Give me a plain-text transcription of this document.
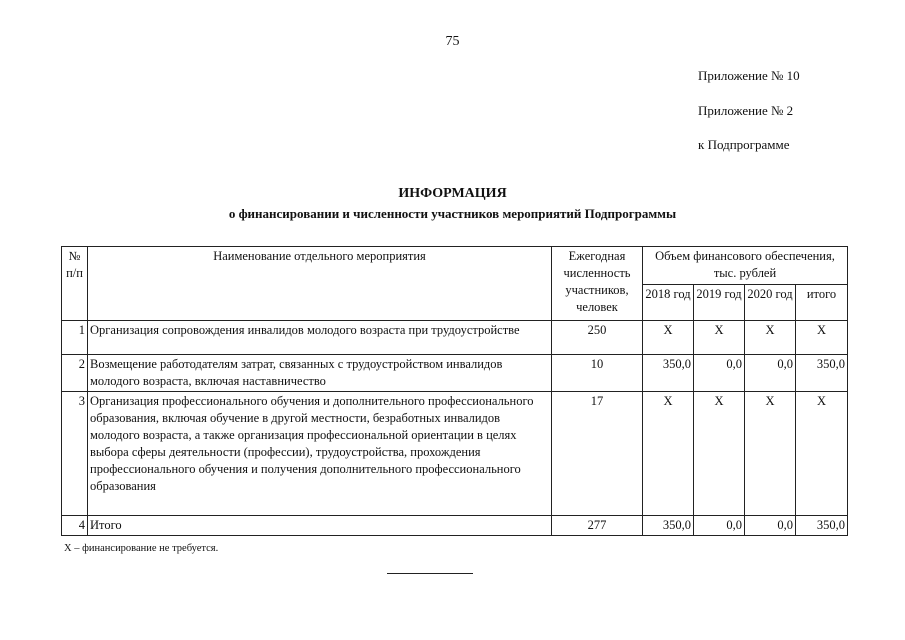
75
Приложение № 10
Приложение № 2
к Подпрограмме
ИНФОРМАЦИЯ
о финансировании и численности участников мероприятий Подпрограммы
№ п/п	Наименование отдельного мероприятия	Ежегодная численность участников, человек	Объем финансового обеспечения, тыс. рублей			
			2018 год	2019 год	2020 год	итого
1	Организация сопровождения инвалидов молодого возраста при трудоустройстве	250	X	X	X	X
2	Возмещение работодателям затрат, связанных с трудоустройством инвалидов молодого возраста, включая наставничество	10	350,0	0,0	0,0	350,0
3	Организация профессионального обучения и дополнительного профессионального образования, включая обучение в другой местности, безработных инвалидов молодого возраста, а также организация профессиональной ориентации в целях выбора сферы деятельности (профессии), трудоустройства, прохождения профессионального обучения и получения дополнительного профессионального образования	17	X	X	X	X
4	Итого	277	350,0	0,0	0,0	350,0
X – финансирование не требуется.
